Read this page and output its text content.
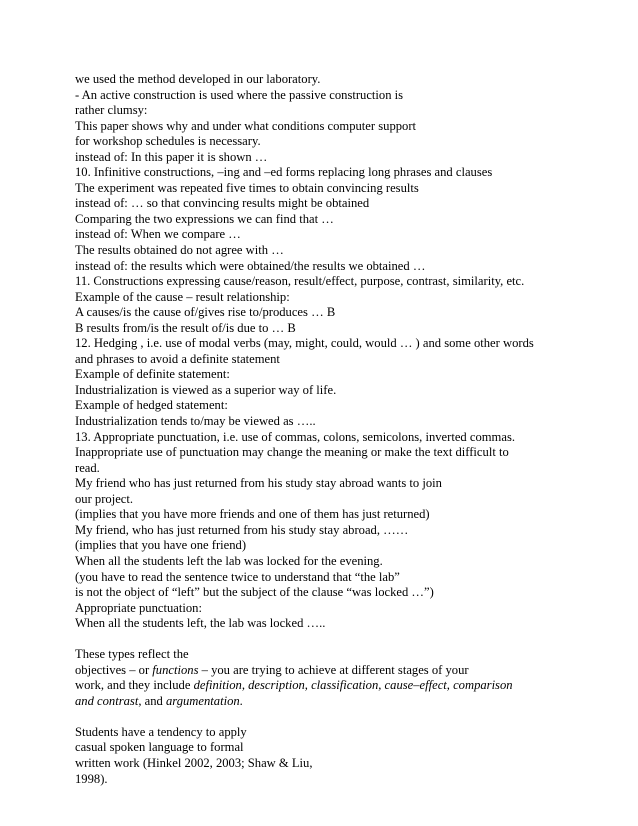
we used the method developed in our laboratory.
- An active construction is used where the passive construction is
rather clumsy:
This paper shows why and under what conditions computer support
for workshop schedules is necessary.
instead of: In this paper it is shown …
10. Infinitive constructions, –ing and –ed forms replacing long phrases and clauses
The experiment was repeated five times to obtain convincing results
instead of: … so that convincing results might be obtained
Comparing the two expressions we can find that …
instead of: When we compare …
The results obtained do not agree with …
instead of: the results which were obtained/the results we obtained …
11. Constructions expressing cause/reason, result/effect, purpose, contrast, similarity, etc.
Example of the cause – result relationship:
A causes/is the cause of/gives rise to/produces … B
B results from/is the result of/is due to … B
12. Hedging , i.e. use of modal verbs (may, might, could, would … ) and some other words
and phrases to avoid a definite statement
Example of definite statement:
Industrialization is viewed as a superior way of life.
Example of hedged statement:
Industrialization tends to/may be viewed as …..
13. Appropriate punctuation, i.e. use of commas, colons, semicolons, inverted commas.
Inappropriate use of punctuation may change the meaning or make the text difficult to
read.
My friend who has just returned from his study stay abroad wants to join
our project.
(implies that you have more friends and one of them has just returned)
My friend, who has just returned from his study stay abroad, ……
(implies that you have one friend)
When all the students left the lab was locked for the evening.
(you have to read the sentence twice to understand that “the lab”
is not the object of “left” but the subject of the clause “was locked …”)
Appropriate punctuation:
When all the students left, the lab was locked …..
These types reflect the
objectives – or functions – you are trying to achieve at different stages of your
work, and they include definition, description, classification, cause–effect, comparison
and contrast, and argumentation.
Students have a tendency to apply
casual spoken language to formal
written work (Hinkel 2002, 2003; Shaw & Liu,
1998).
